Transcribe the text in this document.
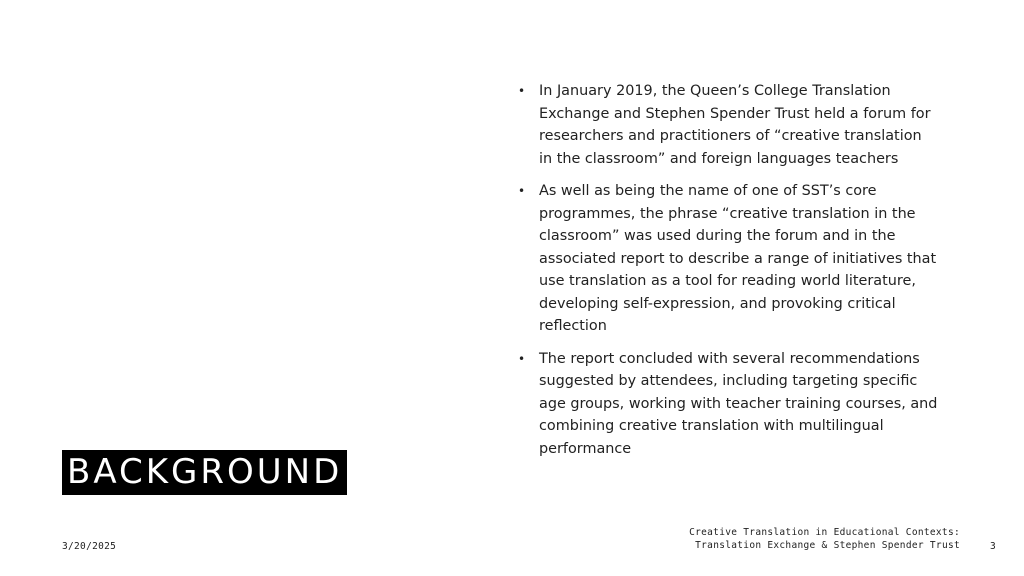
BACKGROUND
• In January 2019, the Queen’s College Translation Exchange and Stephen Spender Trust held a forum for researchers and practitioners of “creative translation in the classroom” and foreign languages teachers
• As well as being the name of one of SST’s core programmes, the phrase “creative translation in the classroom” was used during the forum and in the associated report to describe a range of initiatives that use translation as a tool for reading world literature, developing self-expression, and provoking critical reflection
• The report concluded with several recommendations suggested by attendees, including targeting specific age groups, working with teacher training courses, and combining creative translation with multilingual performance
3/20/2025
Creative Translation in Educational Contexts:
Translation Exchange & Stephen Spender Trust	3
